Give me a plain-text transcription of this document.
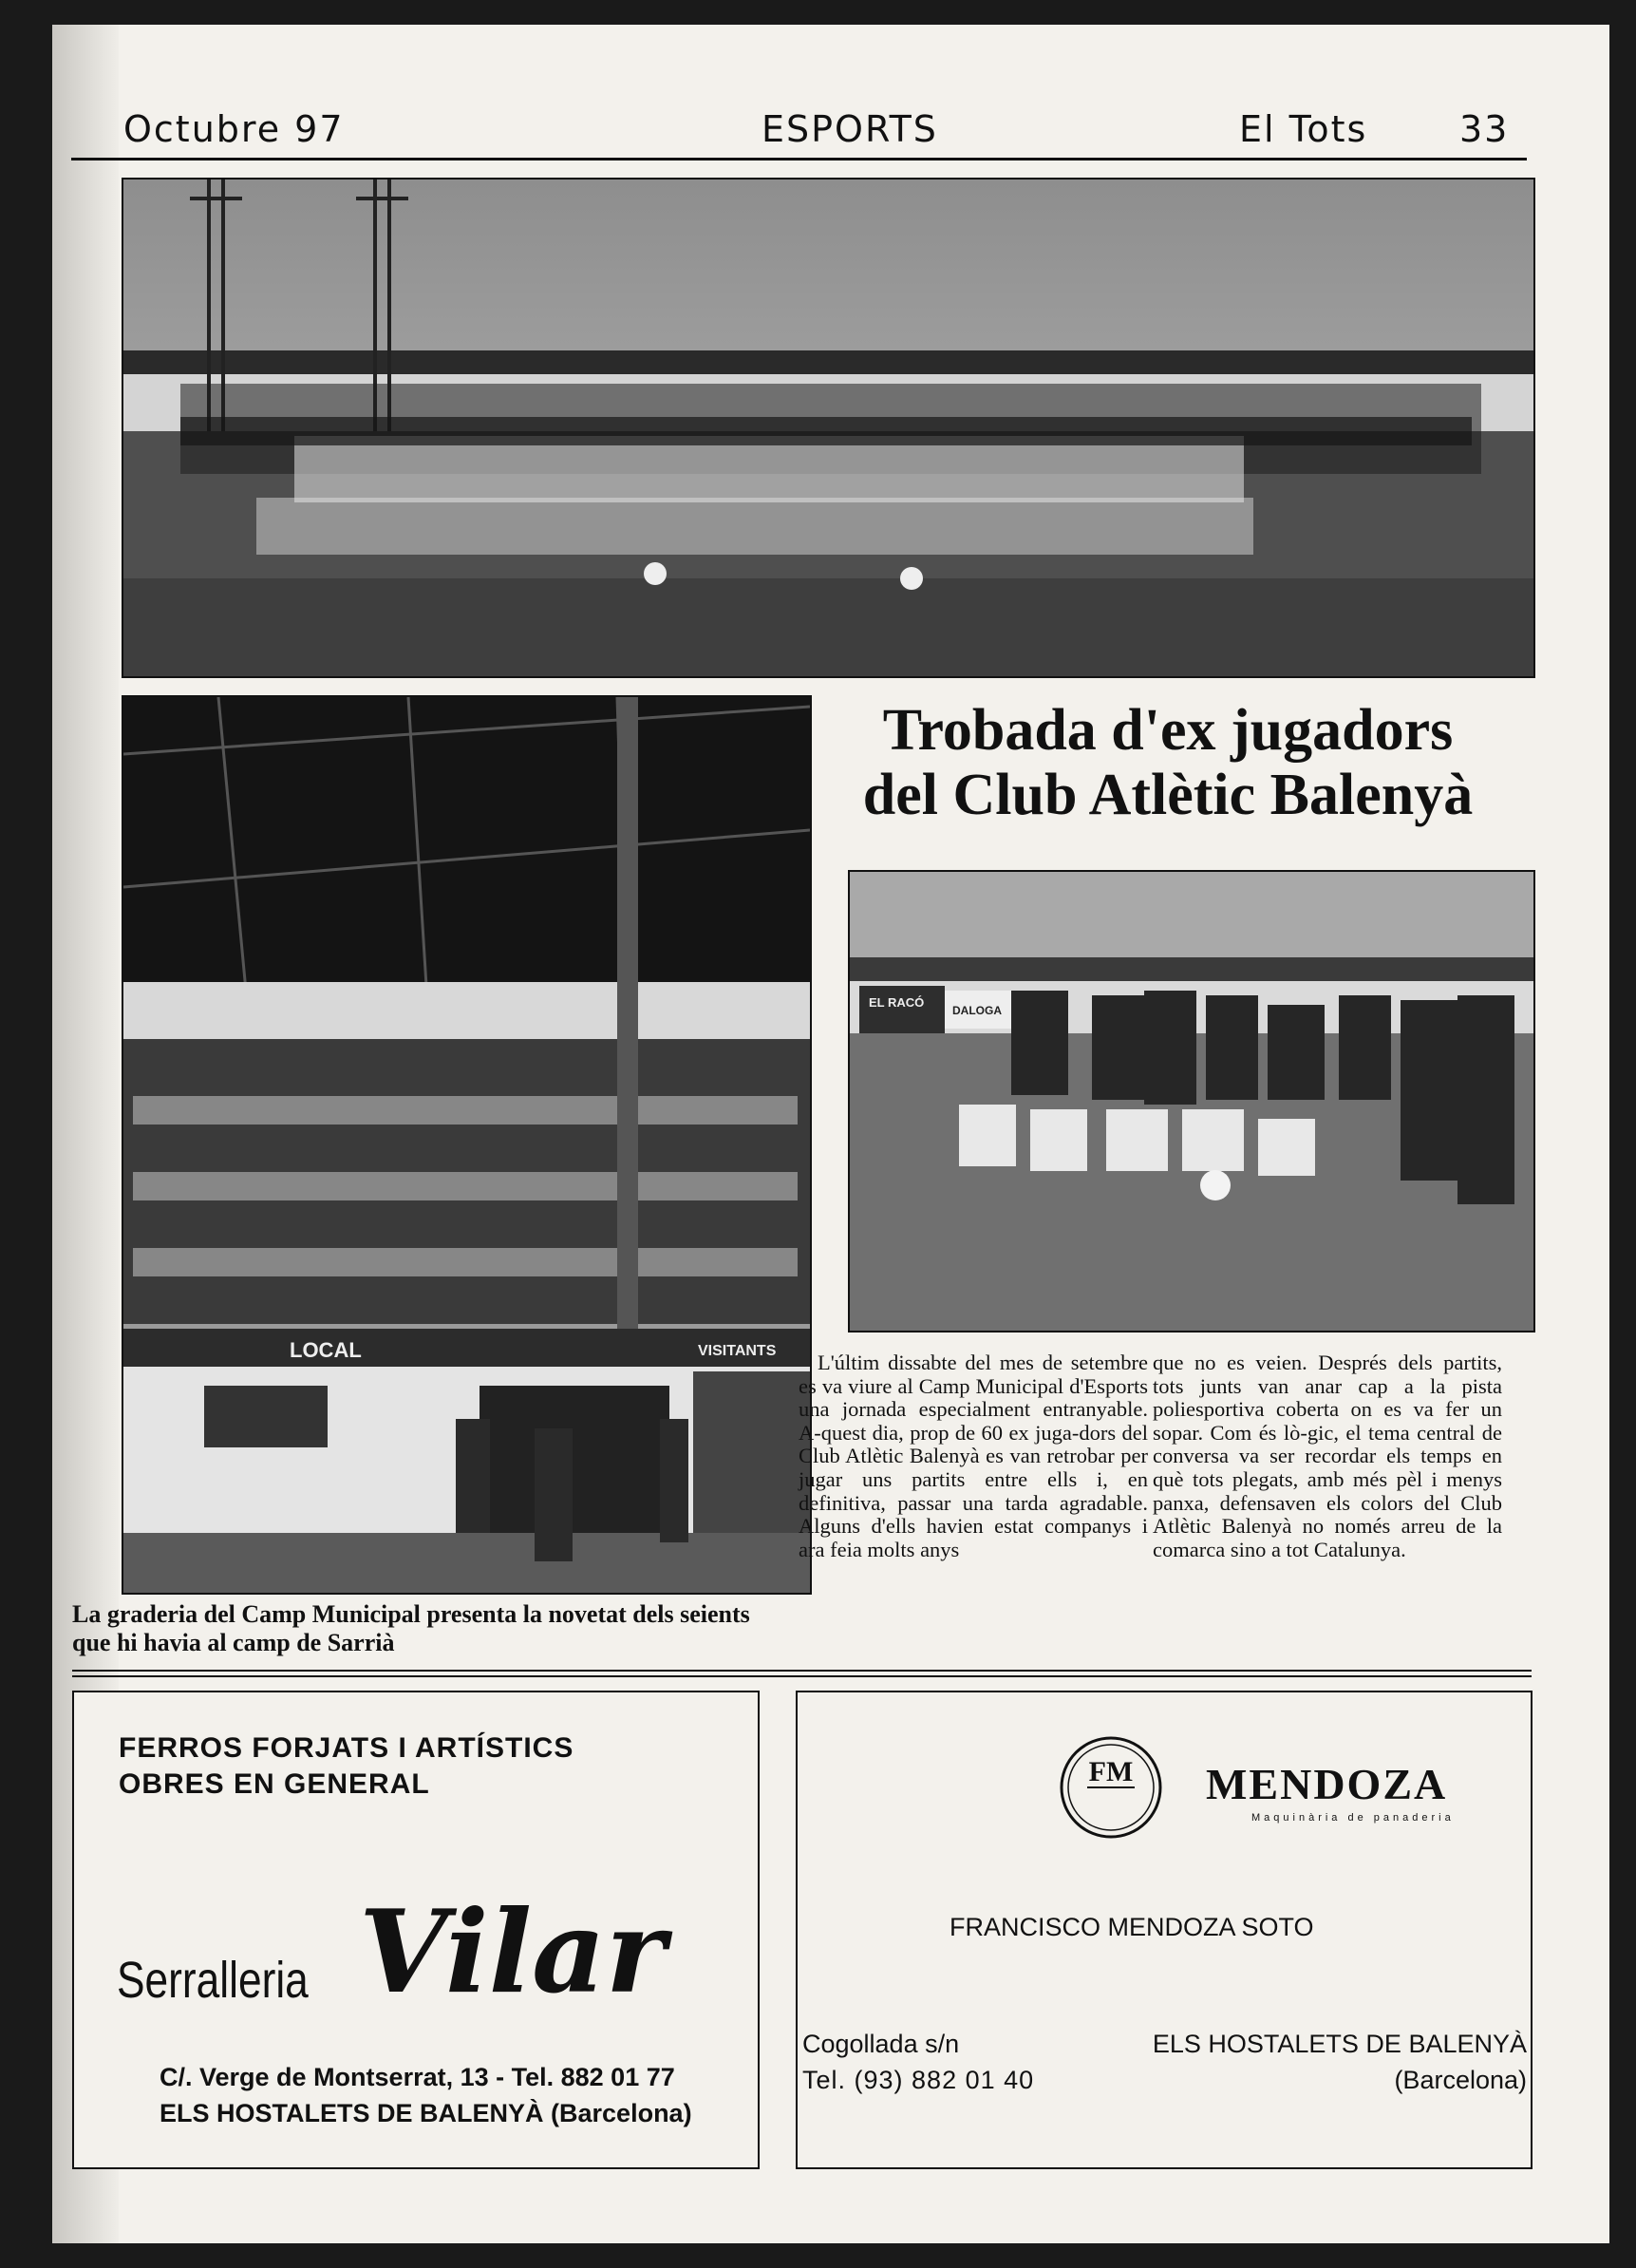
Octubre 97	ESPORTS	El Tots	33
LOCAL	VISITANTS
Trobada d'ex jugadors
del Club Atlètic Balenyà
EL RACÓ
DALOGA
L'últim dissabte del mes de setembre es va viure al Camp Municipal d'Esports una jornada especialment entranyable. A-quest dia, prop de 60 ex juga-dors del Club Atlètic Balenyà es van retrobar per jugar uns partits entre ells i, en definitiva, passar una tarda agradable. Alguns d'ells havien estat companys i ara feia molts anys
que no es veien. Després dels partits, tots junts van anar cap a la pista poliesportiva coberta on es va fer un sopar. Com és lò-gic, el tema central de conversa va ser recordar els temps en què tots plegats, amb més pèl i menys panxa, defensaven els colors del Club Atlètic Balenyà no només arreu de la comarca sino a tot Catalunya.
La graderia del Camp Municipal presenta la novetat dels seients que hi havia al camp de Sarrià
FERROS FORJATS I ARTÍSTICS
OBRES EN GENERAL
Serralleria Vilar
C/. Verge de Montserrat, 13 - Tel. 882 01 77
ELS HOSTALETS DE BALENYÀ (Barcelona)
FM MENDOZA
Maquinària de panaderia
FRANCISCO MENDOZA SOTO
Cogollada s/n
Tel. (93) 882 01 40
ELS HOSTALETS DE BALENYÀ
(Barcelona)
